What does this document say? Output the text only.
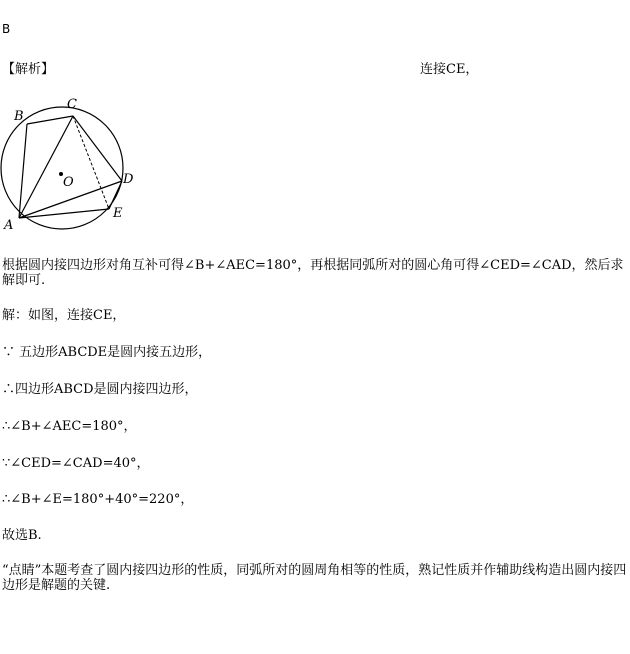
B
【解析】	连接CE，
B
C
O	D
A
E
根据圆内接四边形对角互补可得∠B+∠AEC=180°，再根据同弧所对的圆心角可得∠CED=∠CAD，然后求解即可.
解：如图，连接CE，
∵ 五边形ABCDE是圆内接五边形，
∴四边形ABCD是圆内接四边形，
∴∠B+∠AEC=180°，
∵∠CED=∠CAD=40°，
∴∠B+∠E=180°+40°=220°，
故选B.
“点睛”本题考查了圆内接四边形的性质，同弧所对的圆周角相等的性质，熟记性质并作辅助线构造出圆内接四边形是解题的关键.
